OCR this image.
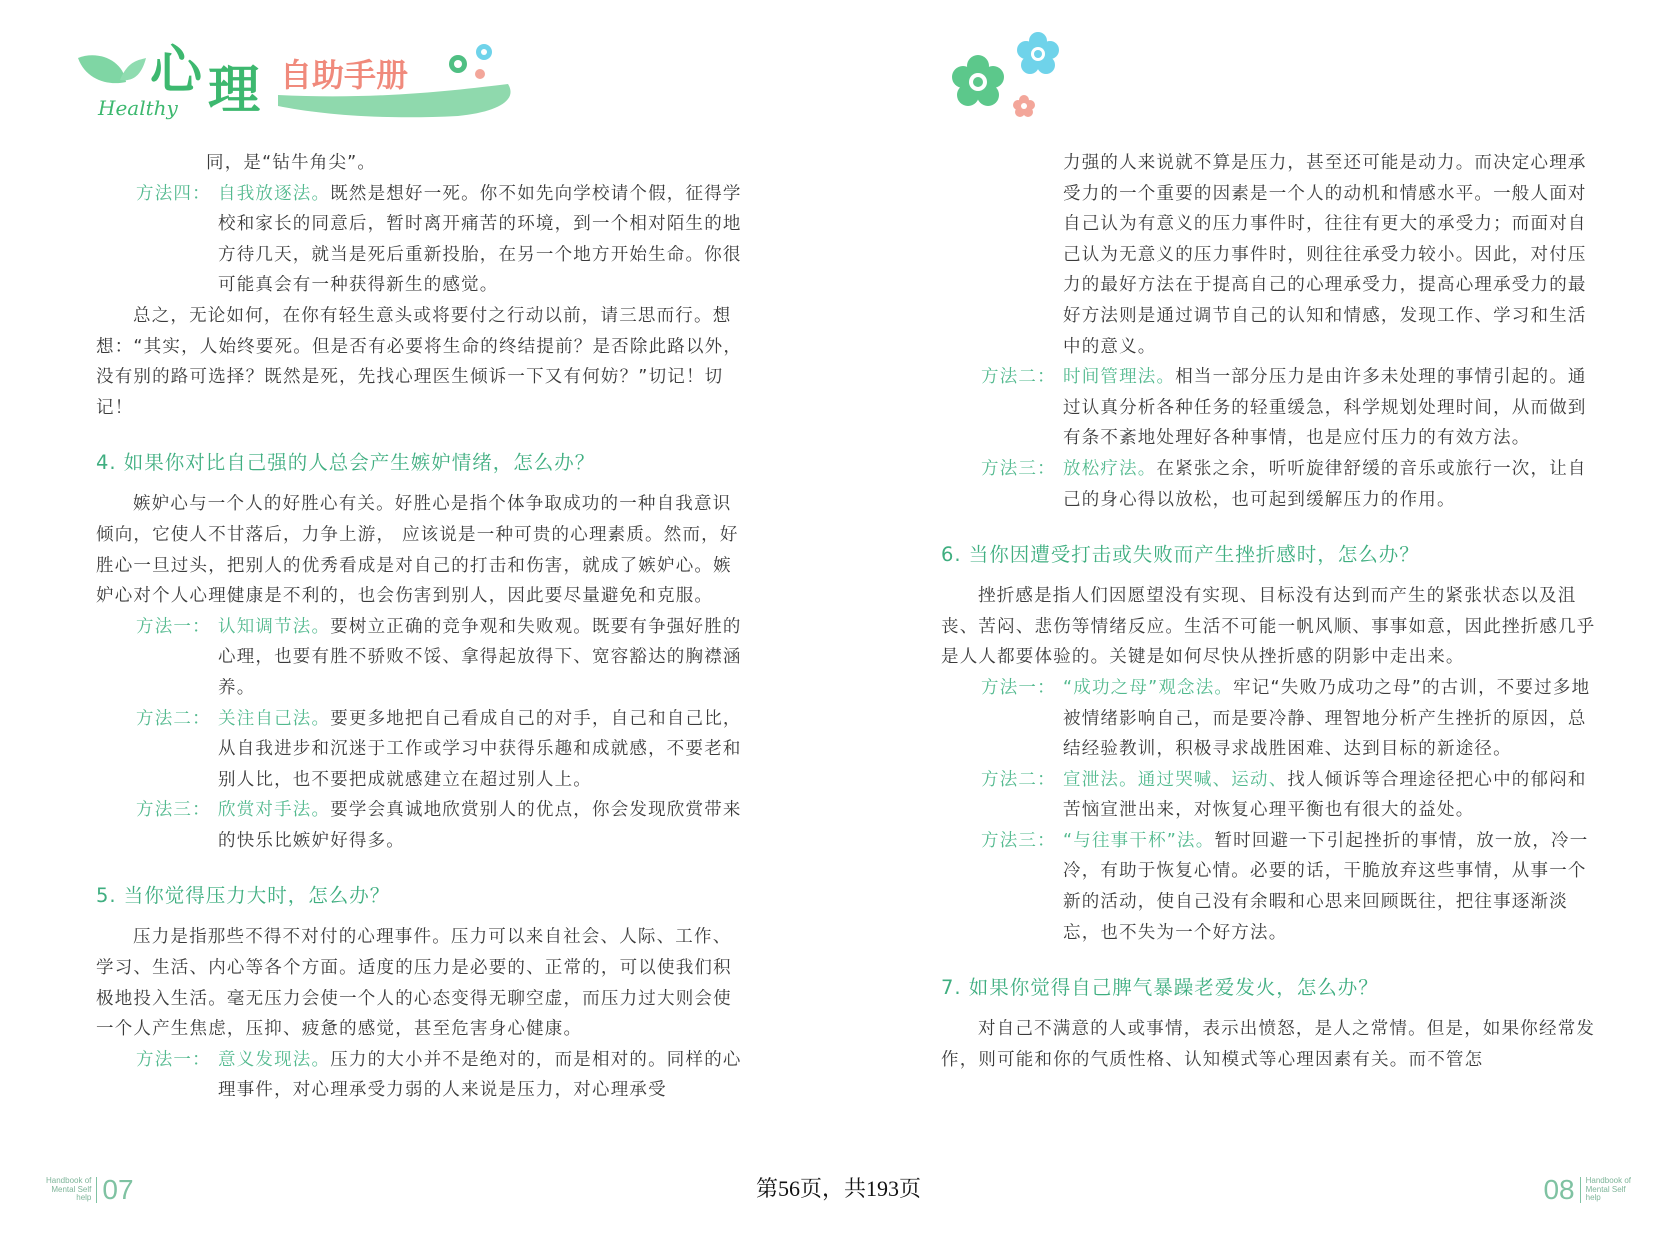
心 理 自助手册
Healthy

同，是“钻牛角尖”。

方法四： 自我放逐法。既然是想好一死。你不如先向学校请个假，征得学校和家长的同意后，暂时离开痛苦的环境，到一个相对陌生的地方待几天，就当是死后重新投胎，在另一个地方开始生命。你很可能真会有一种获得新生的感觉。

总之，无论如何，在你有轻生意头或将要付之行动以前，请三思而行。想想：“其实，人始终要死。但是否有必要将生命的终结提前？是否除此路以外，没有别的路可选择？既然是死，先找心理医生倾诉一下又有何妨？”切记！切记！

4. 如果你对比自己强的人总会产生嫉妒情绪，怎么办？

嫉妒心与一个人的好胜心有关。好胜心是指个体争取成功的一种自我意识倾向，它使人不甘落后，力争上游， 应该说是一种可贵的心理素质。然而，好胜心一旦过头，把别人的优秀看成是对自己的打击和伤害，就成了嫉妒心。嫉妒心对个人心理健康是不利的，也会伤害到别人，因此要尽量避免和克服。

方法一： 认知调节法。要树立正确的竞争观和失败观。既要有争强好胜的心理，也要有胜不骄败不馁、拿得起放得下、宽容豁达的胸襟涵养。
方法二： 关注自己法。要更多地把自己看成自己的对手，自己和自己比，从自我进步和沉迷于工作或学习中获得乐趣和成就感，不要老和别人比，也不要把成就感建立在超过别人上。
方法三： 欣赏对手法。要学会真诚地欣赏别人的优点，你会发现欣赏带来的快乐比嫉妒好得多。
5. 当你觉得压力大时，怎么办？

压力是指那些不得不对付的心理事件。压力可以来自社会、人际、工作、学习、生活、内心等各个方面。适度的压力是必要的、正常的，可以使我们积极地投入生活。毫无压力会使一个人的心态变得无聊空虚，而压力过大则会使一个人产生焦虑，压抑、疲惫的感觉，甚至危害身心健康。

方法一： 意义发现法。压力的大小并不是绝对的，而是相对的。同样的心理事件，对心理承受力弱的人来说是压力，对心理承受
Handbook of
Mental Self
help 07

力强的人来说就不算是压力，甚至还可能是动力。而决定心理承受力的一个重要的因素是一个人的动机和情感水平。一般人面对自己认为有意义的压力事件时，往往有更大的承受力；而面对自己认为无意义的压力事件时，则往往承受力较小。因此，对付压力的最好方法在于提高自己的心理承受力，提高心理承受力的最好方法则是通过调节自己的认知和情感，发现工作、学习和生活中的意义。

方法二： 时间管理法。相当一部分压力是由许多未处理的事情引起的。通过认真分析各种任务的轻重缓急，科学规划处理时间，从而做到有条不紊地处理好各种事情，也是应付压力的有效方法。
方法三： 放松疗法。在紧张之余，听听旋律舒缓的音乐或旅行一次，让自己的身心得以放松，也可起到缓解压力的作用。
6. 当你因遭受打击或失败而产生挫折感时，怎么办？

挫折感是指人们因愿望没有实现、目标没有达到而产生的紧张状态以及沮丧、苦闷、悲伤等情绪反应。生活不可能一帆风顺、事事如意，因此挫折感几乎是人人都要体验的。关键是如何尽快从挫折感的阴影中走出来。

方法一： “成功之母”观念法。牢记“失败乃成功之母”的古训，不要过多地被情绪影响自己，而是要冷静、理智地分析产生挫折的原因，总结经验教训，积极寻求战胜困难、达到目标的新途径。
方法二： 宣泄法。通过哭喊、运动、找人倾诉等合理途径把心中的郁闷和苦恼宣泄出来，对恢复心理平衡也有很大的益处。
方法三： “与往事干杯”法。暂时回避一下引起挫折的事情，放一放，冷一冷，有助于恢复心情。必要的话，干脆放弃这些事情，从事一个新的活动，使自己没有余暇和心思来回顾既往，把往事逐渐淡忘，也不失为一个好方法。
7. 如果你觉得自己脾气暴躁老爱发火，怎么办？

对自己不满意的人或事情，表示出愤怒，是人之常情。但是，如果你经常发作，则可能和你的气质性格、认知模式等心理因素有关。而不管怎

08 Handbook of
Mental Self
help
第56页，共193页
